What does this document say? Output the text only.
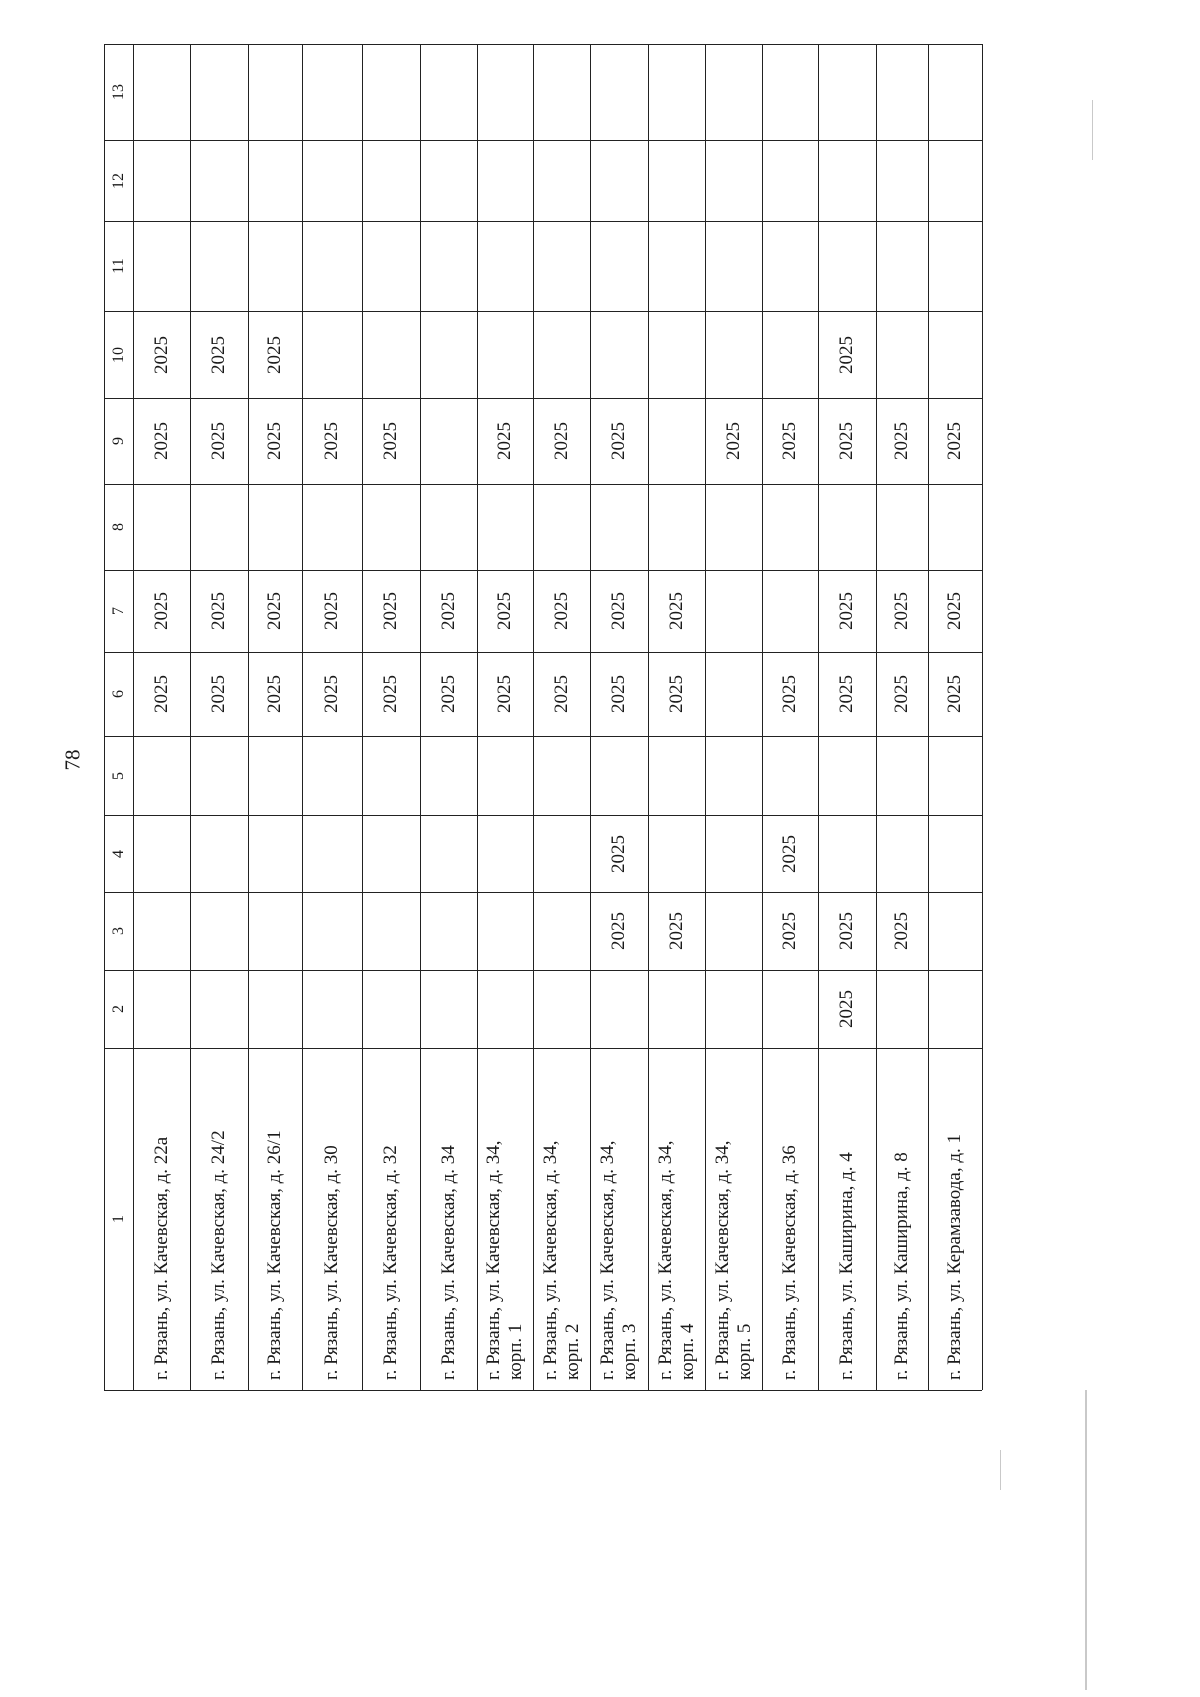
78
1
2
3
4
5
6
7
8
9
10
11
12
13
г. Рязань, ул. Качевская, д. 22а
2025
2025
2025
2025
г. Рязань, ул. Качевская, д. 24/2
2025
2025
2025
2025
г. Рязань, ул. Качевская, д. 26/1
2025
2025
2025
2025
г. Рязань, ул. Качевская, д. 30
2025
2025
2025
г. Рязань, ул. Качевская, д. 32
2025
2025
2025
г. Рязань, ул. Качевская, д. 34
2025
2025
г. Рязань, ул. Качевская, д. 34, корп. 1
2025
2025
2025
г. Рязань, ул. Качевская, д. 34, корп. 2
2025
2025
2025
г. Рязань, ул. Качевская, д. 34, корп. 3
2025
2025
2025
2025
2025
г. Рязань, ул. Качевская, д. 34, корп. 4
2025
2025
2025
г. Рязань, ул. Качевская, д. 34, корп. 5
2025
г. Рязань, ул. Качевская, д. 36
2025
2025
2025
2025
г. Рязань, ул. Каширина, д. 4
2025
2025
2025
2025
2025
2025
г. Рязань, ул. Каширина, д. 8
2025
2025
2025
2025
г. Рязань, ул. Керамзавода, д. 1
2025
2025
2025
